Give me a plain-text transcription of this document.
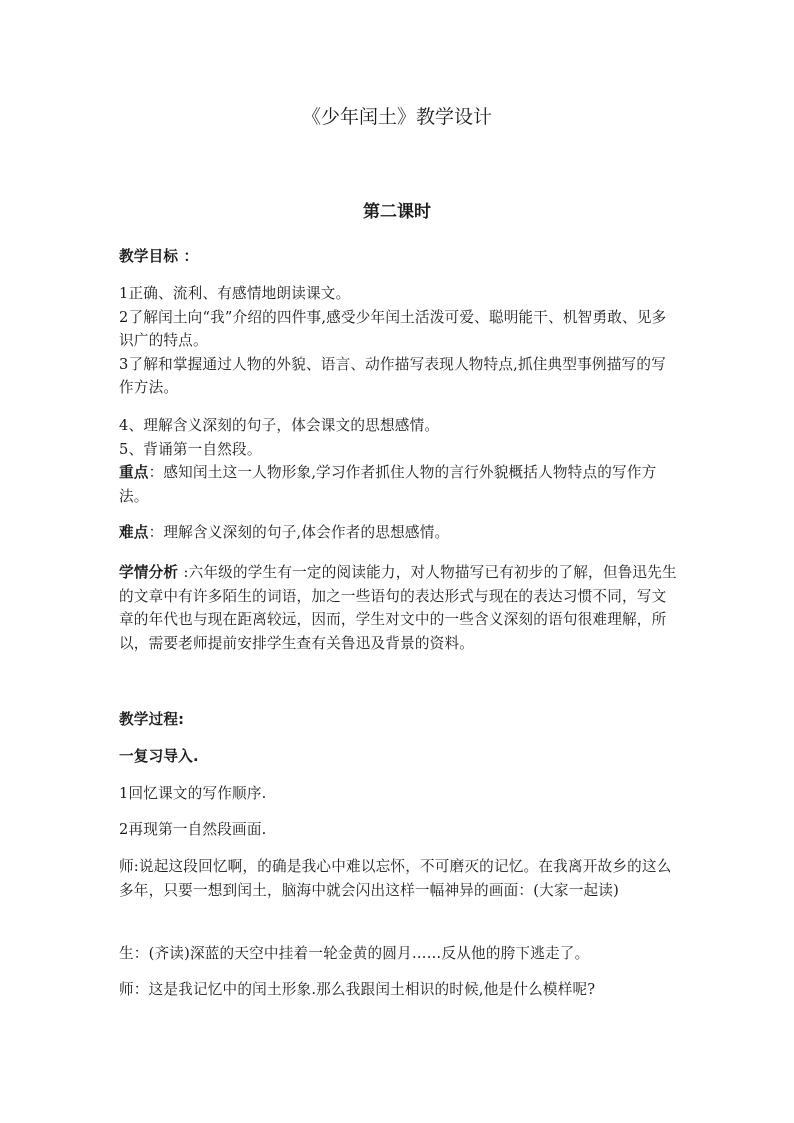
《少年闰土》教学设计
第二课时
教学目标 ：

1正确、流利、有感情地朗读课文。

2了解闰土向“我”介绍的四件事,感受少年闰土活泼可爱、聪明能干、机智勇敢、见多识广的特点。

3了解和掌握通过人物的外貌、语言、动作描写表现人物特点,抓住典型事例描写的写作方法。

4、理解含义深刻的句子，体会课文的思想感情。

5、背诵第一自然段。

重点：感知闰土这一人物形象,学习作者抓住人物的言行外貌概括人物特点的写作方法。

难点：理解含义深刻的句子,体会作者的思想感情。

学情分析 :六年级的学生有一定的阅读能力，对人物描写已有初步的了解，但鲁迅先生的文章中有许多陌生的词语，加之一些语句的表达形式与现在的表达习惯不同，写文章的年代也与现在距离较远，因而，学生对文中的一些含义深刻的语句很难理解，所以，需要老师提前安排学生查有关鲁迅及背景的资料。

教学过程:
一复习导入.
1回忆课文的写作顺序.
2再现第一自然段画面.
师:说起这段回忆啊，的确是我心中难以忘怀，不可磨灭的记忆。在我离开故乡的这么多年，只要一想到闰土，脑海中就会闪出这样一幅神异的画面：(大家一起读)
生：(齐读)深蓝的天空中挂着一轮金黄的圆月……反从他的胯下逃走了。
师：这是我记忆中的闰土形象.那么我跟闰土相识的时候,他是什么模样呢?
